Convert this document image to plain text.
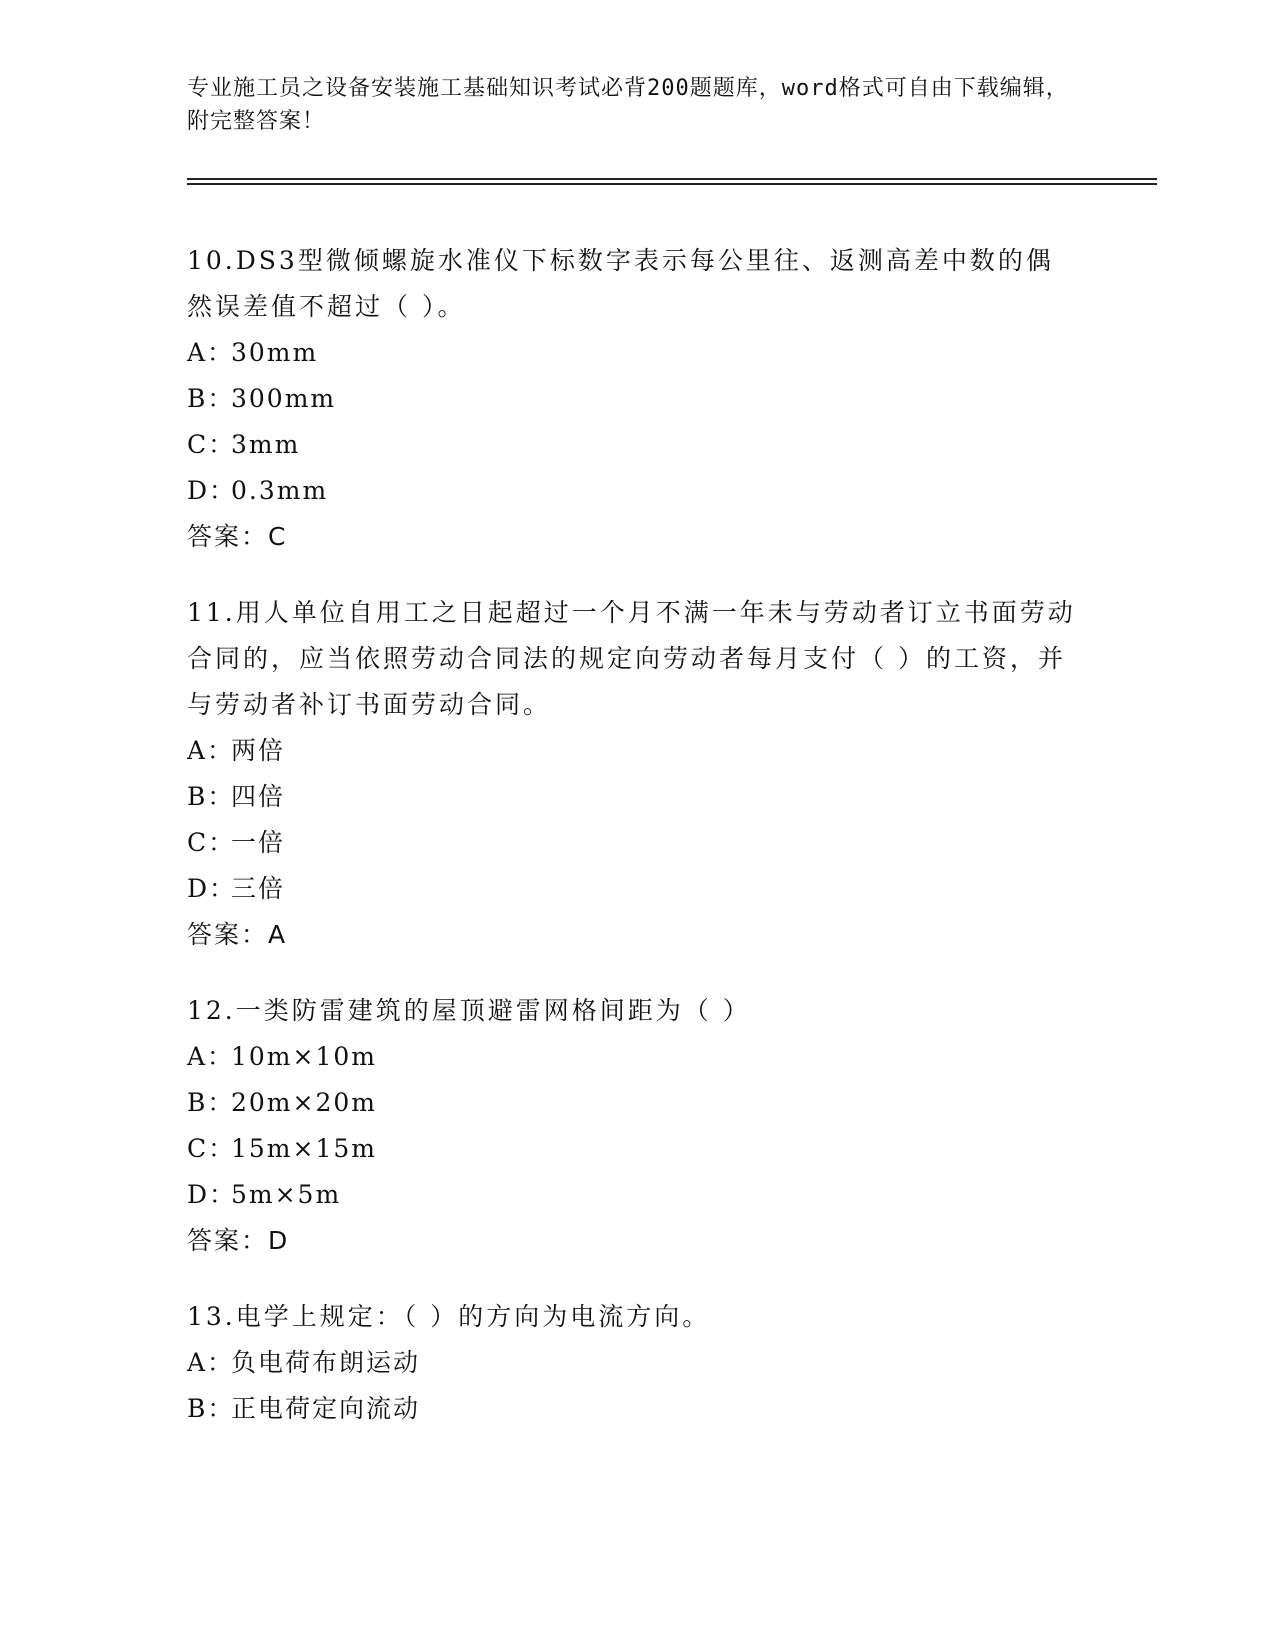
专业施工员之设备安装施工基础知识考试必背200题题库，word格式可自由下载编辑，附完整答案！

10.DS3型微倾螺旋水准仪下标数字表示每公里往、返测高差中数的偶然误差值不超过（ ）。

A：30mm
B：300mm
C：3mm
D：0.3mm

答案：C

11.用人单位自用工之日起超过一个月不满一年未与劳动者订立书面劳动合同的，应当依照劳动合同法的规定向劳动者每月支付（ ）的工资，并与劳动者补订书面劳动合同。

A：两倍
B：四倍
C：一倍
D：三倍

答案：A

12.一类防雷建筑的屋顶避雷网格间距为（ ）

A：10m×10m
B：20m×20m
C：15m×15m
D：5m×5m

答案：D

13.电学上规定：（ ）的方向为电流方向。

A：负电荷布朗运动
B：正电荷定向流动
